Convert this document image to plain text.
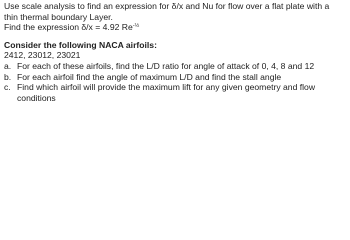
Use scale analysis to find an expression for δ/x and Nu for flow over a flat plate with a
thin thermal boundary Layer.
Find the expression δ/x = 4.92 $Re^{-\frac{1}{2}}$
Consider the following NACA airfoils:
2412, 23012, 23021
a. For each of these airfoils, find the L/D ratio for angle of attack of 0, 4, 8 and 12
b. For each airfoil find the angle of maximum L/D and find the stall angle
c. Find which airfoil will provide the maximum lift for any given geometry and flow conditions
